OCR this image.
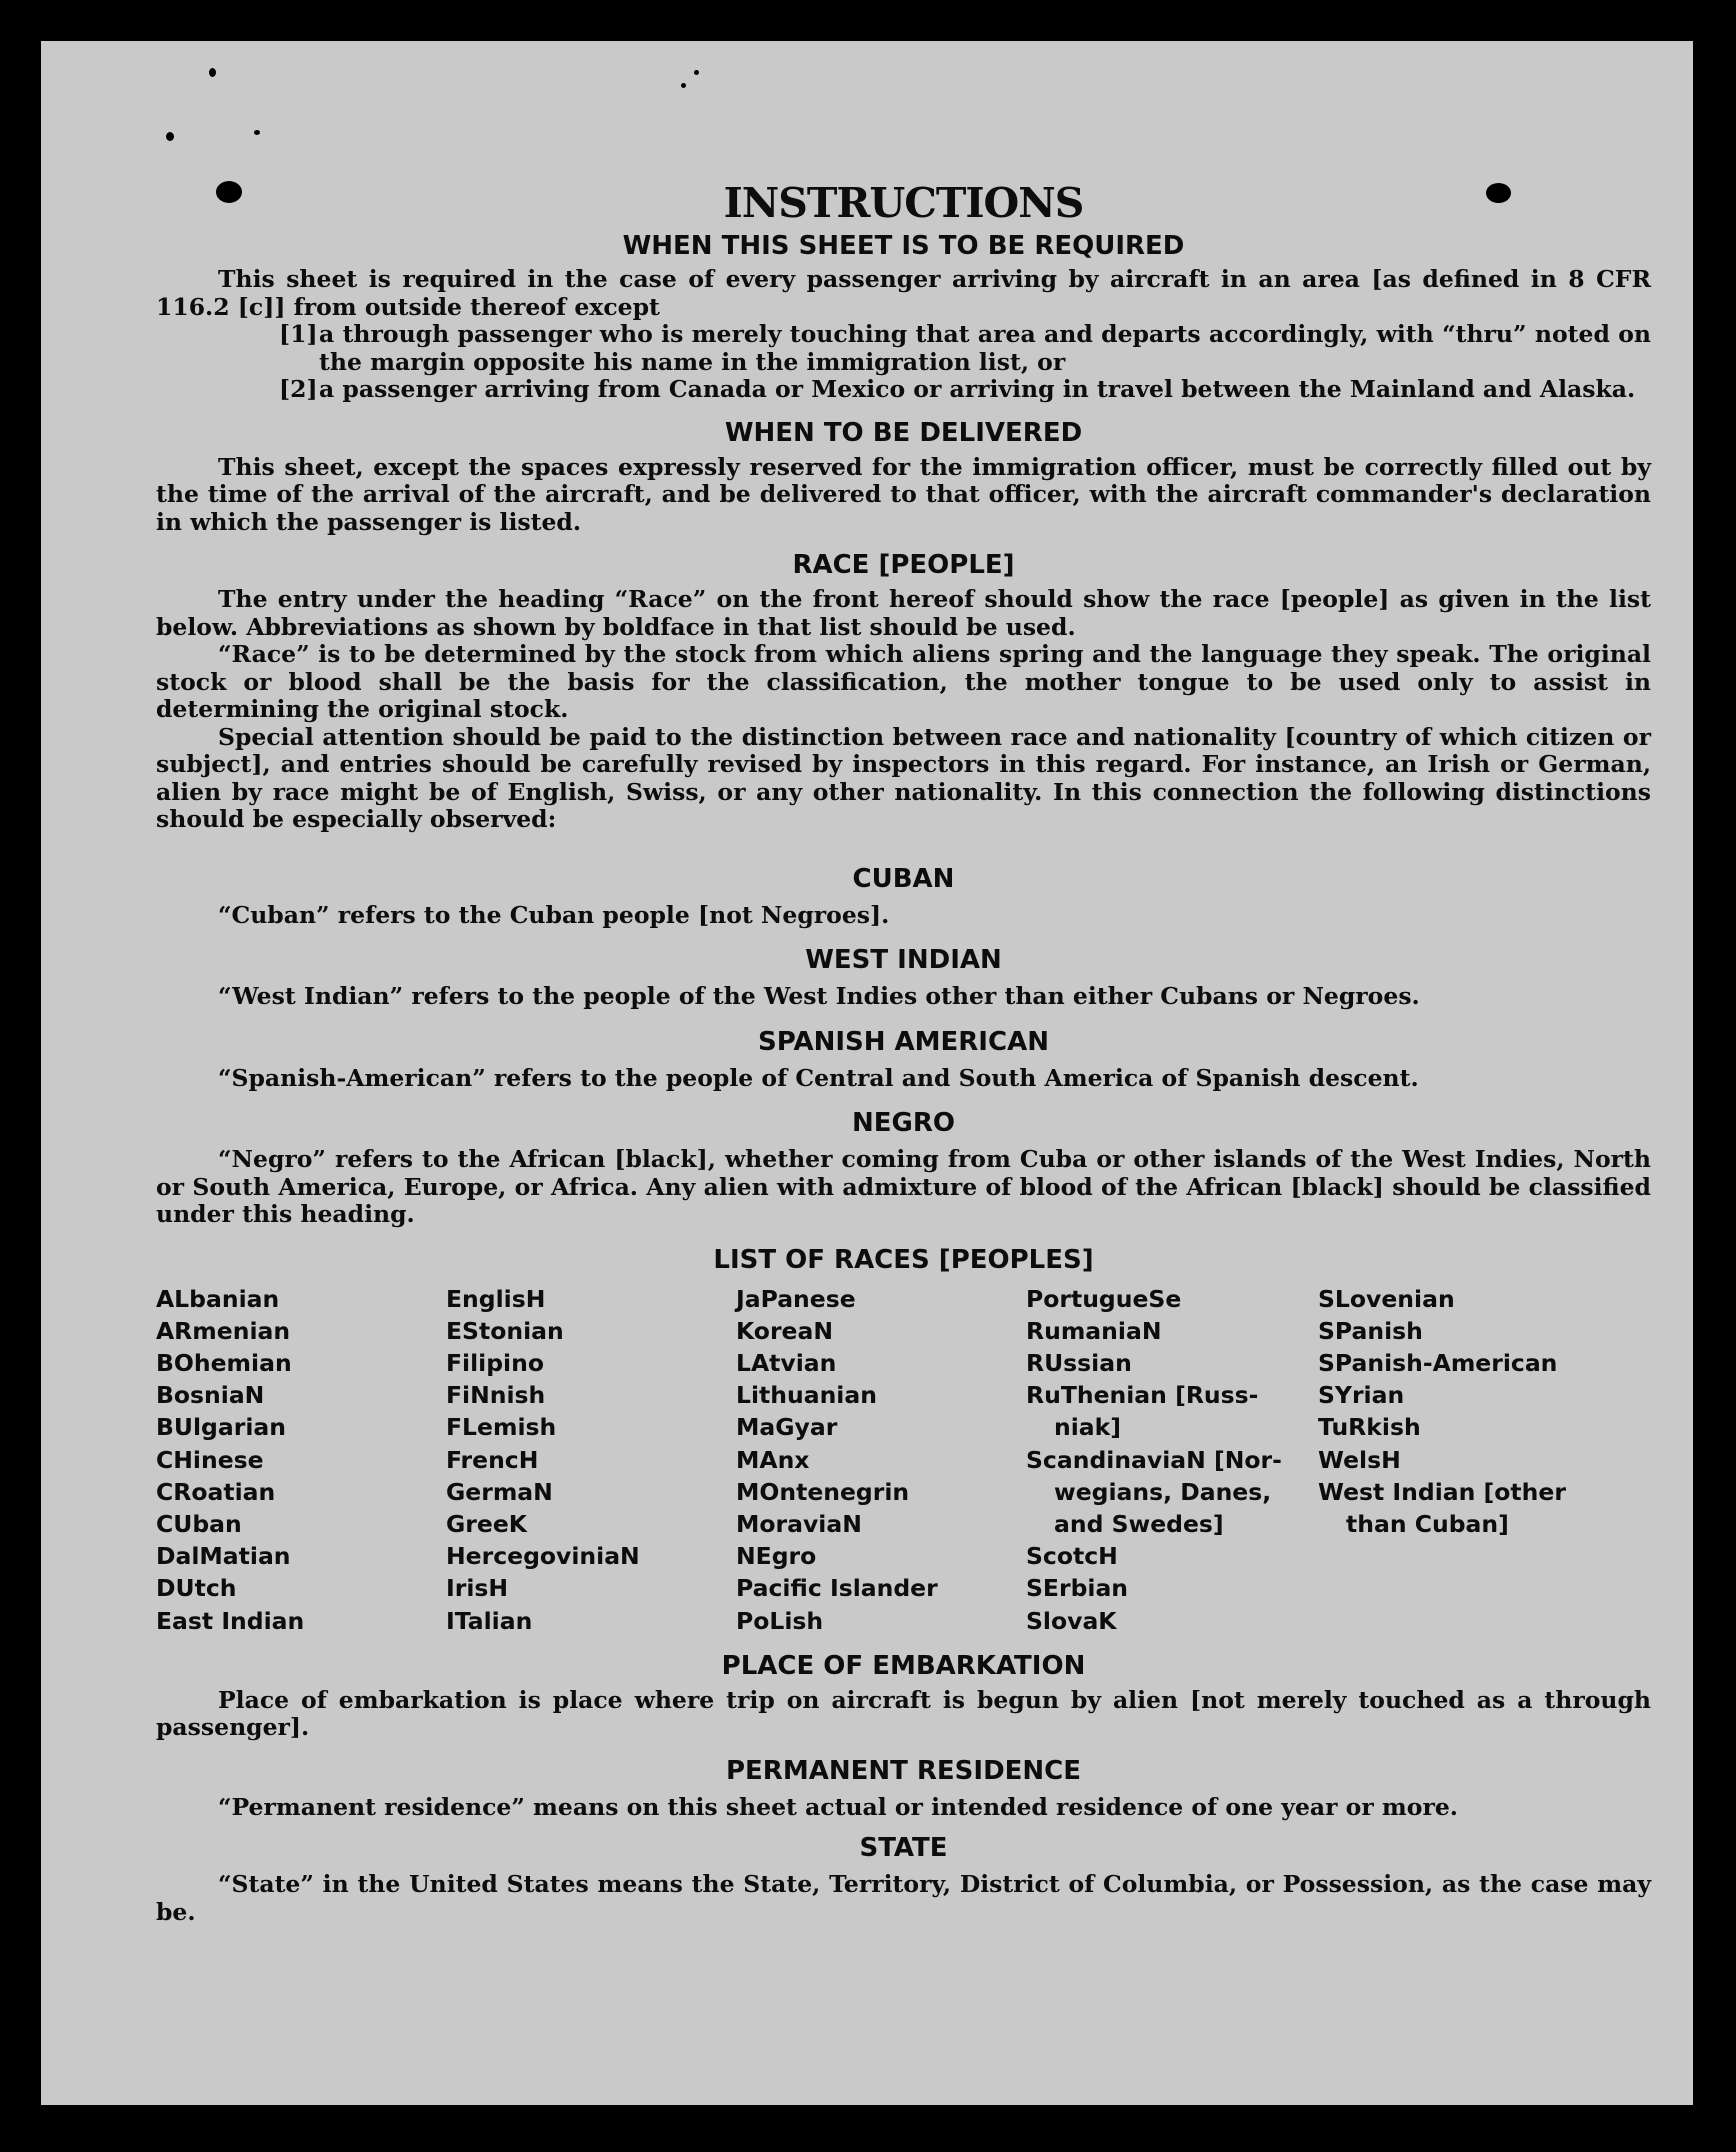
INSTRUCTIONS
WHEN THIS SHEET IS TO BE REQUIRED

This sheet is required in the case of every passenger arriving by aircraft in an area [as defined in 8 CFR 116.2 [c]] from outside thereof except

[1] a through passenger who is merely touching that area and departs accordingly, with “thru” noted on the margin opposite his name in the immigration list, or
[2] a passenger arriving from Canada or Mexico or arriving in travel between the Mainland and Alaska.
WHEN TO BE DELIVERED

This sheet, except the spaces expressly reserved for the immigration officer, must be correctly filled out by the time of the arrival of the aircraft, and be delivered to that officer, with the aircraft commander's declaration in which the passenger is listed.

RACE [PEOPLE]

The entry under the heading “Race” on the front hereof should show the race [people] as given in the list below. Abbreviations as shown by boldface in that list should be used.

“Race” is to be determined by the stock from which aliens spring and the language they speak. The original stock or blood shall be the basis for the classification, the mother tongue to be used only to assist in determining the original stock.

Special attention should be paid to the distinction between race and nationality [country of which citizen or subject], and entries should be carefully revised by inspectors in this regard. For instance, an Irish or German, alien by race might be of English, Swiss, or any other nationality. In this connection the following distinctions should be especially observed:

CUBAN

“Cuban” refers to the Cuban people [not Negroes].

WEST INDIAN

“West Indian” refers to the people of the West Indies other than either Cubans or Negroes.

SPANISH AMERICAN

“Spanish-American” refers to the people of Central and South America of Spanish descent.

NEGRO

“Negro” refers to the African [black], whether coming from Cuba or other islands of the West Indies, North or South America, Europe, or Africa. Any alien with admixture of blood of the African [black] should be classified under this heading.

LIST OF RACES [PEOPLES]
ALbanian
ARmenian
BOhemian
BosniaN
BUlgarian
CHinese
CRoatian
CUban
DalMatian
DUtch
East Indian
EnglisH
EStonian
Filipino
FiNnish
FLemish
FrencH
GermaN
GreeK
HercegoviniaN
IrisH
ITalian
JaPanese
KoreaN
LAtvian
Lithuanian
MaGyar
MAnx
MOntenegrin
MoraviaN
NEgro
Pacific Islander
PoLish
PortugueSe
RumaniaN
RUssian
RuThenian [Russ-
niak]
ScandinaviaN [Nor-
wegians, Danes,
and Swedes]
ScotcH
SErbian
SlovaK
SLovenian
SPanish
SPanish-American
SYrian
TuRkish
WelsH
West Indian [other
than Cuban]
PLACE OF EMBARKATION

Place of embarkation is place where trip on aircraft is begun by alien [not merely touched as a through passenger].

PERMANENT RESIDENCE

“Permanent residence” means on this sheet actual or intended residence of one year or more.

STATE

“State” in the United States means the State, Territory, District of Columbia, or Possession, as the case may be.
